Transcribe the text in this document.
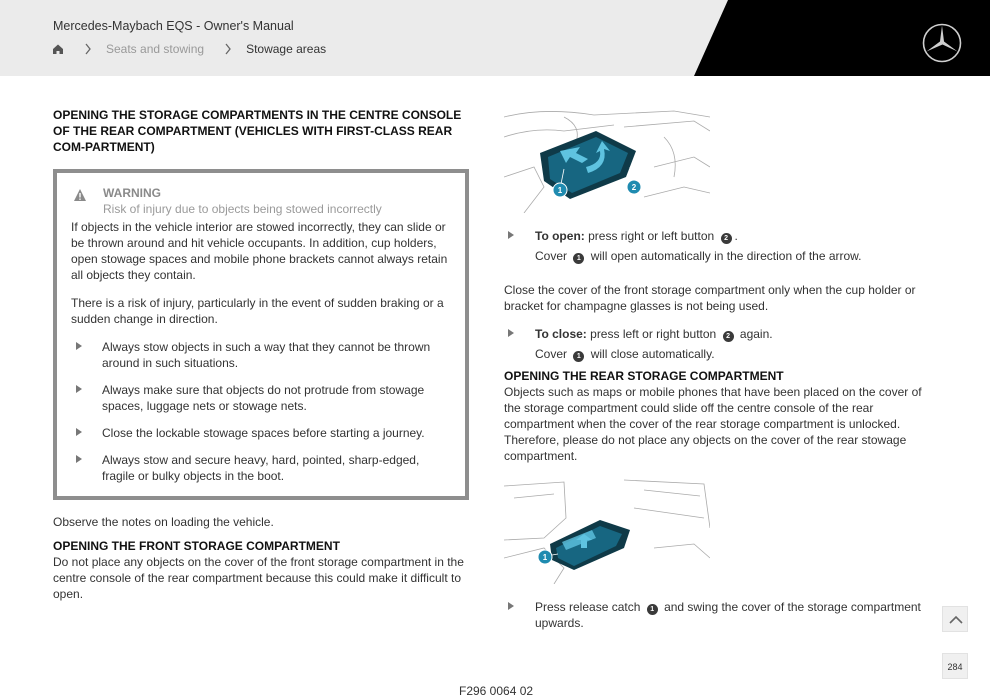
Mercedes-Maybach EQS - Owner's Manual
Seats and stowing	Stowage areas
OPENING THE STORAGE COMPARTMENTS IN THE CENTRE CONSOLE OF THE REAR COMPARTMENT (VEHICLES WITH FIRST-CLASS REAR COM-PARTMENT)
WARNING
Risk of injury due to objects being stowed incorrectly
If objects in the vehicle interior are stowed incorrectly, they can slide or be thrown around and hit vehicle occupants. In addition, cup holders, open stowage spaces and mobile phone brackets cannot always retain all objects they contain.
There is a risk of injury, particularly in the event of sudden braking or a sudden change in direction.
Always stow objects in such a way that they cannot be thrown around in such situations.
Always make sure that objects do not protrude from stowage spaces, luggage nets or stowage nets.
Close the lockable stowage spaces before starting a journey.
Always stow and secure heavy, hard, pointed, sharp-edged, fragile or bulky objects in the boot.
Observe the notes on loading the vehicle.
OPENING THE FRONT STORAGE COMPARTMENT
Do not place any objects on the cover of the front storage compartment in the centre console of the rear compartment because this could make it difficult to open.
1	2
To open: press right or left button 2 .
Cover 1 will open automatically in the direction of the arrow.
Close the cover of the front storage compartment only when the cup holder or bracket for champagne glasses is not being used.
To close: press left or right button 2 again.
Cover 1 will close automatically.
OPENING THE REAR STORAGE COMPARTMENT
Objects such as maps or mobile phones that have been placed on the cover of the storage compartment could slide off the centre console of the rear compartment when the cover of the rear storage compartment is unlocked. Therefore, please do not place any objects on the cover of the rear stowage compartment.
1
Press release catch 1 and swing the cover of the storage compartment upwards.
F296 0064 02
284
